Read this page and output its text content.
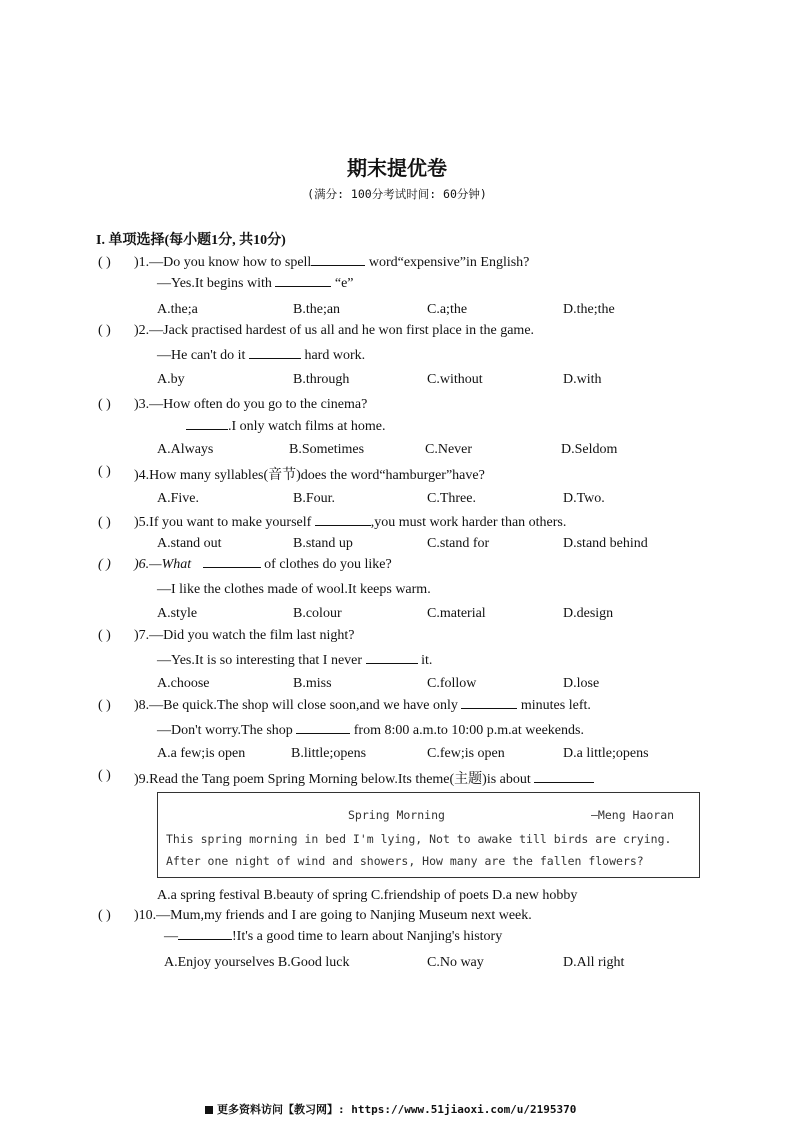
期末提优卷
(满分: 100分考试时间: 60分钟)
I. 单项选择(每小题1分, 共10分)
( ) )1.—Do you know how to spell	word“expensive”in English?
—Yes.It begins with	“e”
A.the;a	B.the;an	C.a;the	D.the;the
( ) )2.—Jack practised hardest of us all and he won first place in the game.
—He can't do it	hard work.
A.by	B.through	C.without	D.with
( ) )3.—How often do you go to the cinema?
.I only watch films at home.
A.Always	B.Sometimes	C.Never	D.Seldom
( ) )4.How many syllables(音节)does the word“hamburger”have?
A.Five.	B.Four.	C.Three.	D.Two.
( ) )5.If you want to make yourself	,you must work harder than others.
A.stand out	B.stand up	C.stand for	D.stand behind
( ) )6.—What	of clothes do you like?
—I like the clothes made of wool.It keeps warm.
A.style	B.colour	C.material	D.design
( ) )7.—Did you watch the film last night?
—Yes.It is so interesting that I never	it.
A.choose	B.miss	C.follow	D.lose
( ) )8.—Be quick.The shop will close soon,and we have only	minutes left.
—Don't worry.The shop	from 8:00 a.m.to 10:00 p.m.at weekends.
A.a few;is open	B.little;opens	C.few;is open	D.a little;opens
( ) )9.Read the Tang poem Spring Morning below.Its theme(主题)is about
Spring Morning	—Meng Haoran
This spring morning in bed I'm lying, Not to awake till birds are crying.
After one night of wind and showers, How many are the fallen flowers?
A.a spring festival B.beauty of spring C.friendship of poets D.a new hobby
( ) )10.—Mum,my friends and I are going to Nanjing Museum next week.
—	!It's a good time to learn about Nanjing's history
A.Enjoy yourselves B.Good luck	C.No way	D.All right
更多资料访问【教习网】: https://www.51jiaoxi.com/u/2195370
